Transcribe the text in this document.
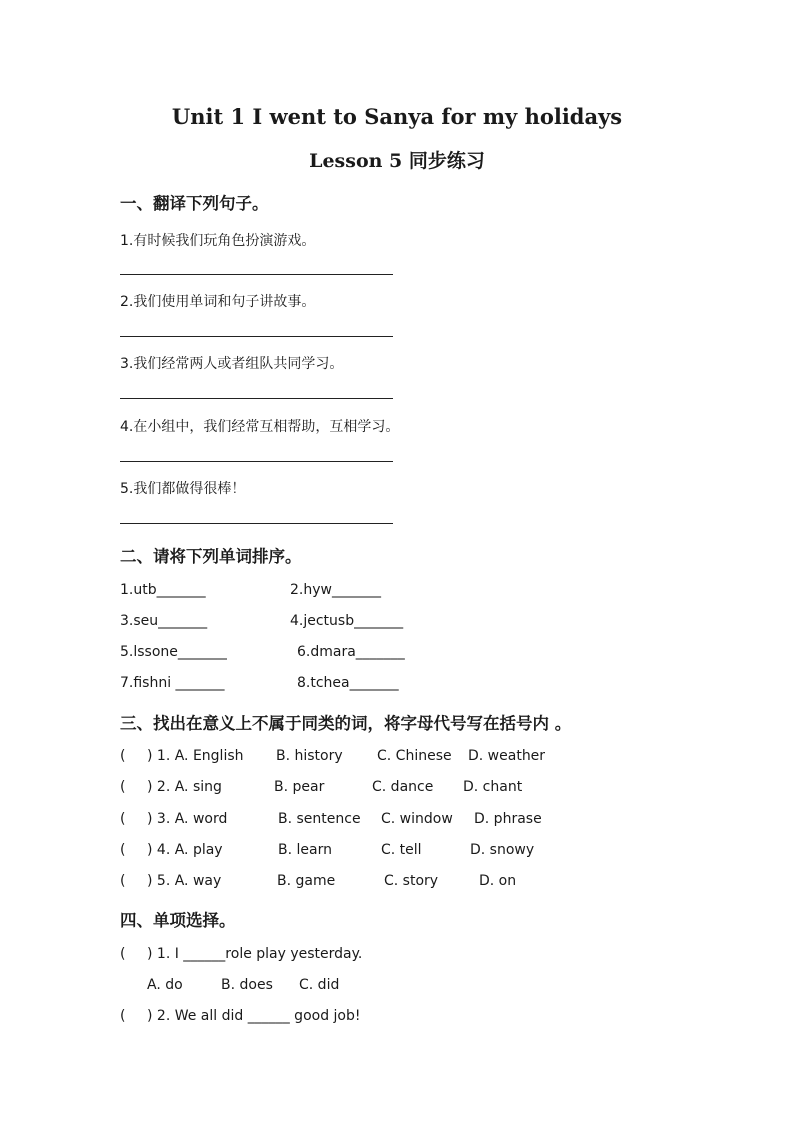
Unit 1 I went to Sanya for my holidays
Lesson 5 同步练习
一、翻译下列句子。
1.有时候我们玩角色扮演游戏。
2.我们使用单词和句子讲故事。
3.我们经常两人或者组队共同学习。
4.在小组中，我们经常互相帮助，互相学习。
5.我们都做得很棒！
二、请将下列单词排序。
1.utb_______	2.hyw_______
3.seu_______	4.jectusb_______
5.lssone_______	6.dmara_______
7.fishni _______	8.tchea_______
三、找出在意义上不属于同类的词，将字母代号写在括号内 。
( ) 1. A. English B. history C. Chinese D. weather
( ) 2. A. sing	B. pear	C. dance D. chant
( ) 3. A. word	B. sentence C. window D. phrase
( ) 4. A. play	B. learn	C. tell	D. snowy
( ) 5. A. way	B. game	C. story	D. on
四、单项选择。
( ) 1. I ______role play yesterday.
A. do	B. does C. did
( ) 2. We all did ______ good job!
